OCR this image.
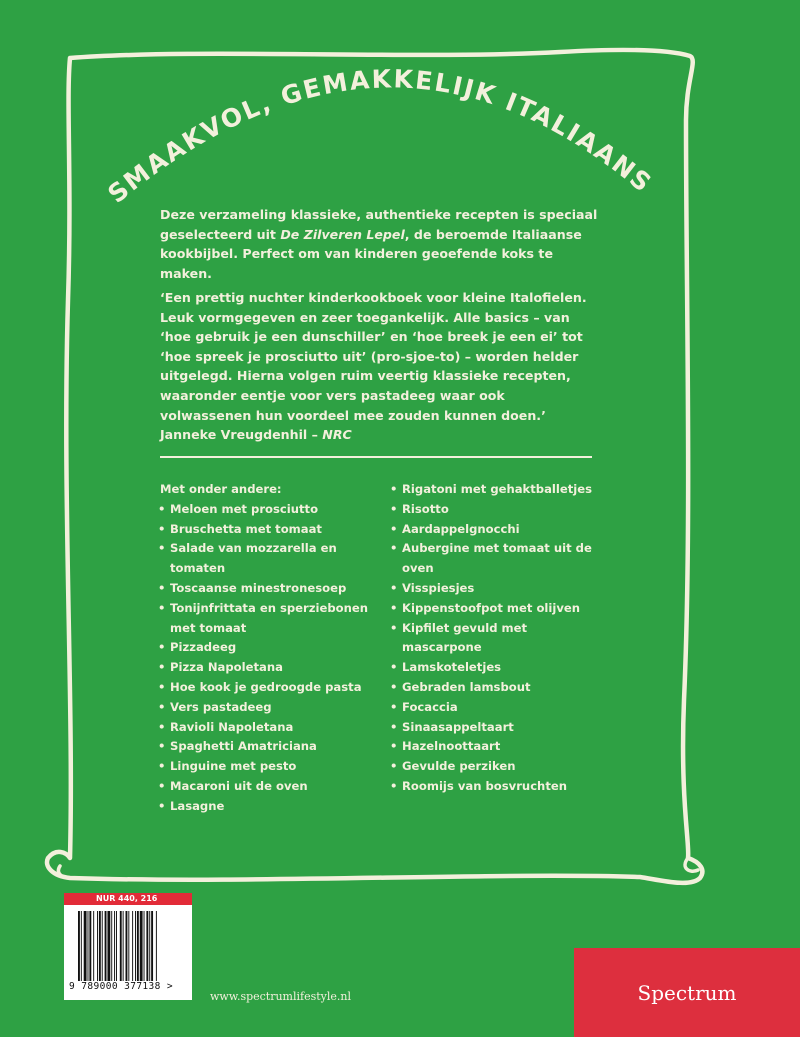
SMAAKVOL, GEMAKKELIJK ITALIAANS

Deze verzameling klassieke, authentieke recepten is speciaal geselecteerd uit De Zilveren Lepel, de beroemde Italiaanse kookbijbel. Perfect om van kinderen geoefende koks te maken.

‘Een prettig nuchter kinderkookboek voor kleine Italofielen. Leuk vormgegeven en zeer toegankelijk. Alle basics – van ‘hoe gebruik je een dunschiller’ en ‘hoe breek je een ei’ tot ‘hoe spreek je prosciutto uit’ (pro-sjoe-to) – worden helder uitgelegd. Hierna volgen ruim veertig klassieke recepten, waaronder eentje voor vers pastadeeg waar ook volwassenen hun voordeel mee zouden kunnen doen.’ Janneke Vreugdenhil – NRC

Met onder andere:
• Meloen met prosciutto
• Bruschetta met tomaat
• Salade van mozzarella en tomaten
• Toscaanse minestronesoep
• Tonijnfrittata en sperziebonen met tomaat
• Pizzadeeg
• Pizza Napoletana
• Hoe kook je gedroogde pasta
• Vers pastadeeg
• Ravioli Napoletana
• Spaghetti Amatriciana
• Linguine met pesto
• Macaroni uit de oven
• Lasagne
• Rigatoni met gehaktballetjes
• Risotto
• Aardappelgnocchi
• Aubergine met tomaat uit de oven
• Visspiesjes
• Kippenstoofpot met olijven
• Kipfilet gevuld met mascarpone
• Lamskoteletjes
• Gebraden lamsbout
• Focaccia
• Sinaasappeltaart
• Hazelnoottaart
• Gevulde perziken
• Roomijs van bosvruchten
NUR 440, 216
9 789000 377138 >
www.spectrumlifestyle.nl	Spectrum
